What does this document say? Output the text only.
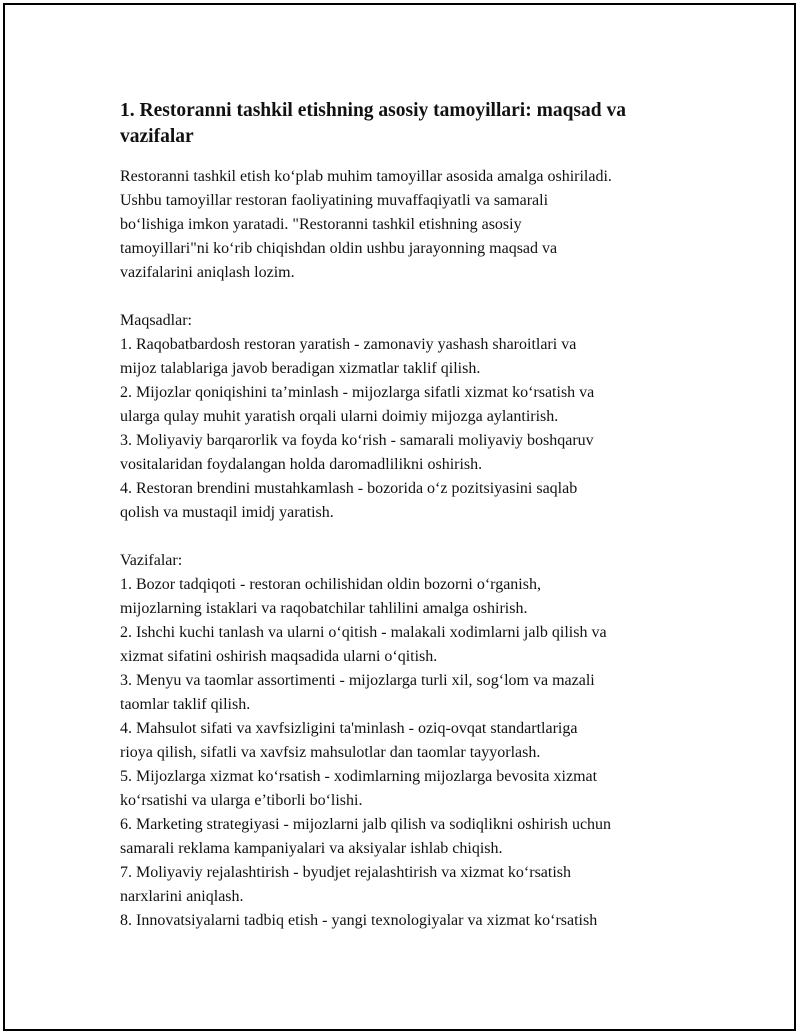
1. Restoranni tashkil etishning asosiy tamoyillari: maqsad va
vazifalar

Restoranni tashkil etish ko‘plab muhim tamoyillar asosida amalga oshiriladi.
Ushbu tamoyillar restoran faoliyatining muvaffaqiyatli va samarali
bo‘lishiga imkon yaratadi. "Restoranni tashkil etishning asosiy
tamoyillari"ni ko‘rib chiqishdan oldin ushbu jarayonning maqsad va
vazifalarini aniqlash lozim.

Maqsadlar:
1. Raqobatbardosh restoran yaratish - zamonaviy yashash sharoitlari va
mijoz talablariga javob beradigan xizmatlar taklif qilish.
2. Mijozlar qoniqishini ta’minlash - mijozlarga sifatli xizmat ko‘rsatish va
ularga qulay muhit yaratish orqali ularni doimiy mijozga aylantirish.
3. Moliyaviy barqarorlik va foyda ko‘rish - samarali moliyaviy boshqaruv
vositalaridan foydalangan holda daromadlilikni oshirish.
4. Restoran brendini mustahkamlash - bozorida o‘z pozitsiyasini saqlab
qolish va mustaqil imidj yaratish.

Vazifalar:
1. Bozor tadqiqoti - restoran ochilishidan oldin bozorni o‘rganish,
mijozlarning istaklari va raqobatchilar tahlilini amalga oshirish.
2. Ishchi kuchi tanlash va ularni o‘qitish - malakali xodimlarni jalb qilish va
xizmat sifatini oshirish maqsadida ularni o‘qitish.
3. Menyu va taomlar assortimenti - mijozlarga turli xil, sog‘lom va mazali
taomlar taklif qilish.
4. Mahsulot sifati va xavfsizligini ta'minlash - oziq-ovqat standartlariga
rioya qilish, sifatli va xavfsiz mahsulotlar dan taomlar tayyorlash.
5. Mijozlarga xizmat ko‘rsatish - xodimlarning mijozlarga bevosita xizmat
ko‘rsatishi va ularga e’tiborli bo‘lishi.
6. Marketing strategiyasi - mijozlarni jalb qilish va sodiqlikni oshirish uchun
samarali reklama kampaniyalari va aksiyalar ishlab chiqish.
7. Moliyaviy rejalashtirish - byudjet rejalashtirish va xizmat ko‘rsatish
narxlarini aniqlash.
8. Innovatsiyalarni tadbiq etish - yangi texnologiyalar va xizmat ko‘rsatish
